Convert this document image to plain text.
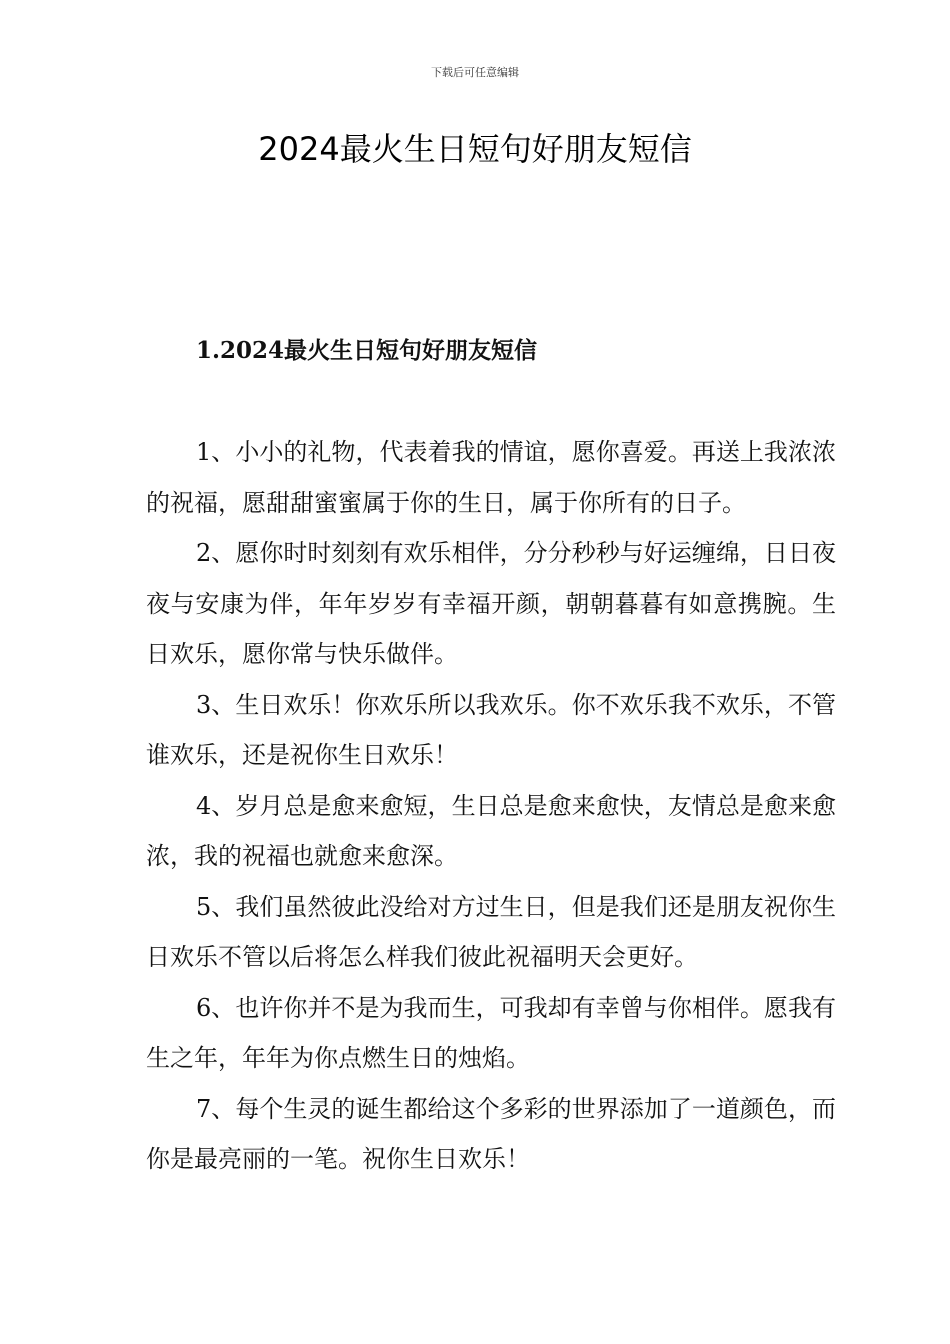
下载后可任意编辑
2024最火生日短句好朋友短信
1.2024最火生日短句好朋友短信

1、小小的礼物，代表着我的情谊，愿你喜爱。再送上我浓浓的祝福，愿甜甜蜜蜜属于你的生日，属于你所有的日子。

2、愿你时时刻刻有欢乐相伴，分分秒秒与好运缠绵，日日夜夜与安康为伴，年年岁岁有幸福开颜，朝朝暮暮有如意携腕。生日欢乐，愿你常与快乐做伴。

3、生日欢乐！你欢乐所以我欢乐。你不欢乐我不欢乐，不管谁欢乐，还是祝你生日欢乐！

4、岁月总是愈来愈短，生日总是愈来愈快，友情总是愈来愈浓，我的祝福也就愈来愈深。

5、我们虽然彼此没给对方过生日，但是我们还是朋友祝你生日欢乐不管以后将怎么样我们彼此祝福明天会更好。

6、也许你并不是为我而生，可我却有幸曾与你相伴。愿我有生之年，年年为你点燃生日的烛焰。

7、每个生灵的诞生都给这个多彩的世界添加了一道颜色，而你是最亮丽的一笔。祝你生日欢乐！
